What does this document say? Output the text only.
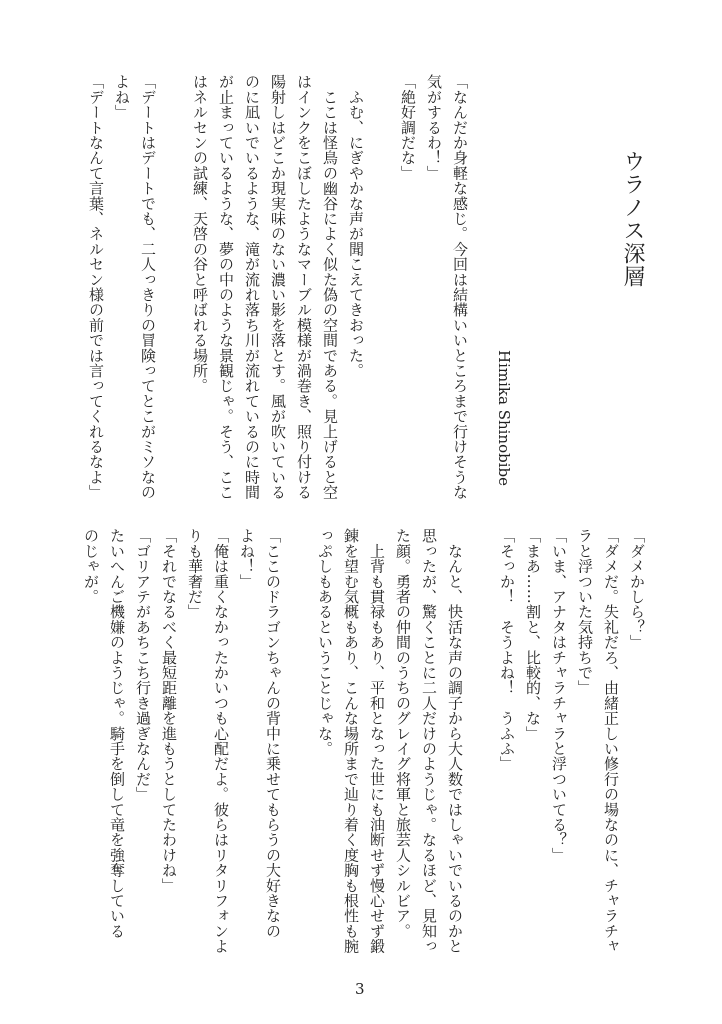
ウラノス深層
Himika Shinobibe
「なんだか身軽な感じ。今回は結構いいところまで行けそうな
気がするわ！」
「絶好調だな」
　ふむ、にぎやかな声が聞こえてきおった。
　ここは怪鳥の幽谷によく似た偽の空間である。見上げると空
はインクをこぼしたようなマーブル模様が渦巻き、照り付ける
陽射しはどこか現実味のない濃い影を落とす。風が吹いている
のに凪いでいるような、滝が流れ落ち川が流れているのに時間
が止まっているような、夢の中のような景観じゃ。そう、ここ
はネルセンの試練、天啓の谷と呼ばれる場所。
「デートはデートでも、二人っきりの冒険ってとこがミソなの
よね」
「デートなんて言葉、ネルセン様の前では言ってくれるなよ」
「ダメかしら？」
「ダメだ。失礼だろ、由緒正しい修行の場なのに、チャラチャ
ラと浮ついた気持ちで」
「いま、アナタはチャラチャラと浮ついてる？」
「まあ……割と、比較的、な」
「そっか！　そうよね！　うふふ」
　なんと、快活な声の調子から大人数ではしゃいでいるのかと
思ったが、驚くことに二人だけのようじゃ。なるほど、見知っ
た顔。勇者の仲間のうちのグレイグ将軍と旅芸人シルビア。
　上背も貫禄もあり、平和となった世にも油断せず慢心せず鍛
錬を望む気概もあり、こんな場所まで辿り着く度胸も根性も腕
っぷしもあるということじゃな。
「ここのドラゴンちゃんの背中に乗せてもらうの大好きなの
よね！」
「俺は重くなかったかいつも心配だよ。彼らはリタリフォンよ
りも華奢だ」
「それでなるべく最短距離を進もうとしてたわけね」
「ゴリアテがあちこち行き過ぎなんだ」
たいへんご機嫌のようじゃ。騎手を倒して竜を強奪している
のじゃが。
3
